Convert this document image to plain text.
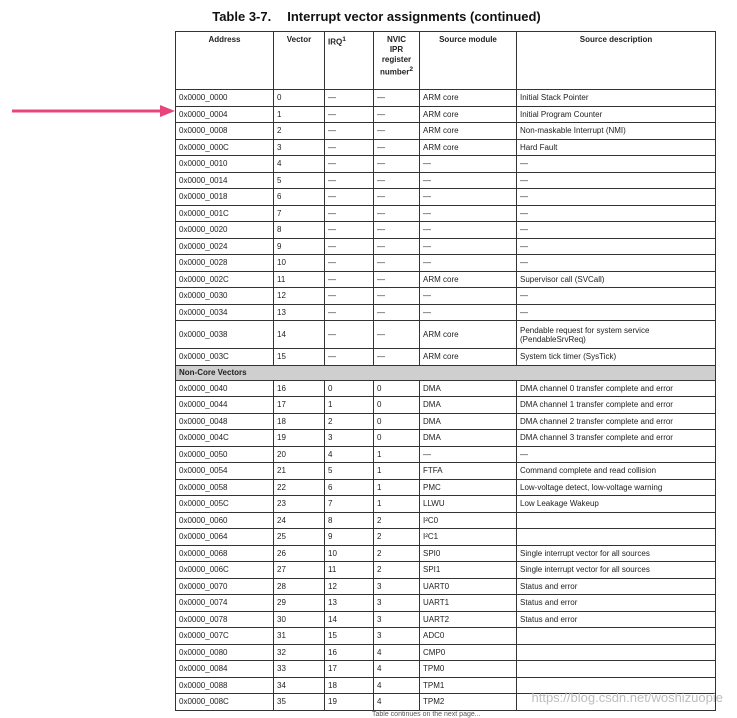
Table 3-7. Interrupt vector assignments (continued)
Address	Vector	IRQ$^1$	NVIC
IPR
register
number$^2$	Source module	Source description
0x0000_0000	0	—	—	ARM core	Initial Stack Pointer
0x0000_0004	1	—	—	ARM core	Initial Program Counter
0x0000_0008	2	—	—	ARM core	Non-maskable Interrupt (NMI)
0x0000_000C	3	—	—	ARM core	Hard Fault
0x0000_0010	4	—	—	—	—
0x0000_0014	5	—	—	—	—
0x0000_0018	6	—	—	—	—
0x0000_001C	7	—	—	—	—
0x0000_0020	8	—	—	—	—
0x0000_0024	9	—	—	—	—
0x0000_0028	10	—	—	—	—
0x0000_002C	11	—	—	ARM core	Supervisor call (SVCall)
0x0000_0030	12	—	—	—	—
0x0000_0034	13	—	—	—	—
0x0000_0038	14	—	—	ARM core	Pendable request for system service (PendableSrvReq)
0x0000_003C	15	—	—	ARM core	System tick timer (SysTick)
Non-Core Vectors					
0x0000_0040	16	0	0	DMA	DMA channel 0 transfer complete and error
0x0000_0044	17	1	0	DMA	DMA channel 1 transfer complete and error
0x0000_0048	18	2	0	DMA	DMA channel 2 transfer complete and error
0x0000_004C	19	3	0	DMA	DMA channel 3 transfer complete and error
0x0000_0050	20	4	1	—	—
0x0000_0054	21	5	1	FTFA	Command complete and read collision
0x0000_0058	22	6	1	PMC	Low-voltage detect, low-voltage warning
0x0000_005C	23	7	1	LLWU	Low Leakage Wakeup
0x0000_0060	24	8	2	I²C0	
0x0000_0064	25	9	2	I²C1	
0x0000_0068	26	10	2	SPI0	Single interrupt vector for all sources
0x0000_006C	27	11	2	SPI1	Single interrupt vector for all sources
0x0000_0070	28	12	3	UART0	Status and error
0x0000_0074	29	13	3	UART1	Status and error
0x0000_0078	30	14	3	UART2	Status and error
0x0000_007C	31	15	3	ADC0	
0x0000_0080	32	16	4	CMP0	
0x0000_0084	33	17	4	TPM0	
0x0000_0088	34	18	4	TPM1	
0x0000_008C	35	19	4	TPM2		https://blog.csdn.net/woshizuopie
Table continues on the next page...
